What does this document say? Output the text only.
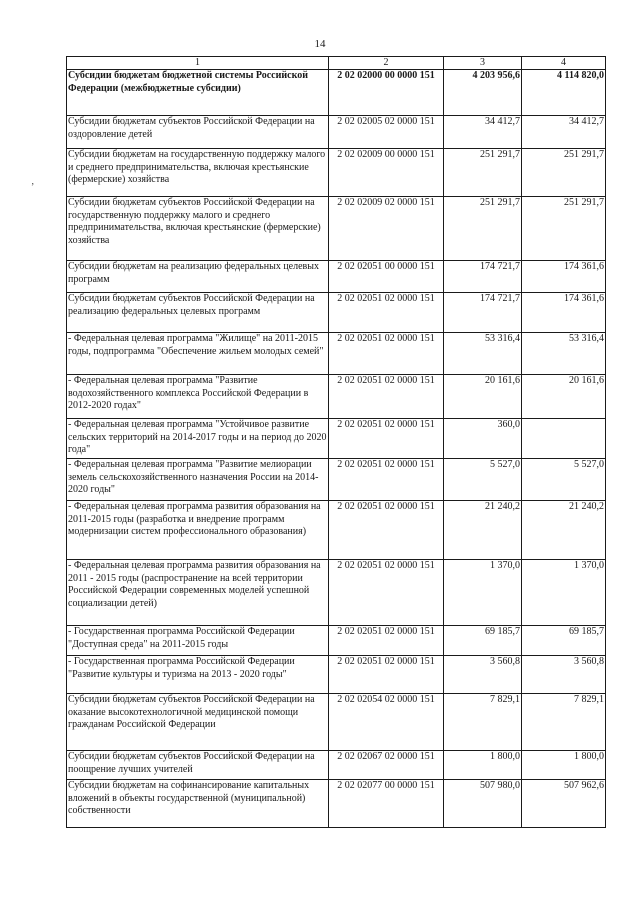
14
’
1	2	3	4
Субсидии бюджетам бюджетной системы Российской Федерации (межбюджетные субсидии)	2 02 02000 00 0000 151	4 203 956,6	4 114 820,0
Субсидии бюджетам субъектов Российской Федерации на оздоровление детей	2 02 02005 02 0000 151	34 412,7	34 412,7
Субсидии бюджетам на государственную поддержку малого и среднего предпринимательства, включая крестьянские (фермерские) хозяйства	2 02 02009 00 0000 151	251 291,7	251 291,7
Субсидии бюджетам субъектов Российской Федерации на государственную поддержку малого и среднего предпринимательства, включая крестьянские (фермерские) хозяйства	2 02 02009 02 0000 151	251 291,7	251 291,7
Субсидии бюджетам на реализацию федеральных целевых программ	2 02 02051 00 0000 151	174 721,7	174 361,6
Субсидии бюджетам субъектов Российской Федерации на реализацию федеральных целевых программ	2 02 02051 02 0000 151	174 721,7	174 361,6
- Федеральная целевая программа "Жилище" на 2011-2015 годы, подпрограмма "Обеспечение жильем молодых семей"	2 02 02051 02 0000 151	53 316,4	53 316,4
- Федеральная целевая программа "Развитие водохозяйственного комплекса Российской Федерации в 2012-2020 годах"	2 02 02051 02 0000 151	20 161,6	20 161,6
- Федеральная целевая программа "Устойчивое развитие сельских территорий на 2014-2017 годы и на период до 2020 года"	2 02 02051 02 0000 151	360,0	
- Федеральная целевая программа "Развитие мелиорации земель сельскохозяйственного назначения России на 2014-2020 годы"	2 02 02051 02 0000 151	5 527,0	5 527,0
- Федеральная целевая программа развития образования на 2011-2015 годы (разработка и внедрение программ модернизации систем профессионального образования)	2 02 02051 02 0000 151	21 240,2	21 240,2
- Федеральная целевая программа развития образования на 2011 - 2015 годы (распространение на всей территории Российской Федерации современных моделей успешной социализации детей)	2 02 02051 02 0000 151	1 370,0	1 370,0
- Государственная программа Российской Федерации "Доступная среда" на 2011-2015 годы	2 02 02051 02 0000 151	69 185,7	69 185,7
- Государственная программа Российской Федерации "Развитие культуры и туризма на 2013 - 2020 годы"	2 02 02051 02 0000 151	3 560,8	3 560,8
Субсидии бюджетам субъектов Российской Федерации на оказание высокотехнологичной медицинской помощи гражданам Российской Федерации	2 02 02054 02 0000 151	7 829,1	7 829,1
Субсидии бюджетам субъектов Российской Федерации на поощрение лучших учителей	2 02 02067 02 0000 151	1 800,0	1 800,0
Субсидии бюджетам на софинансирование капитальных вложений в объекты государственной (муниципальной) собственности	2 02 02077 00 0000 151	507 980,0	507 962,6
